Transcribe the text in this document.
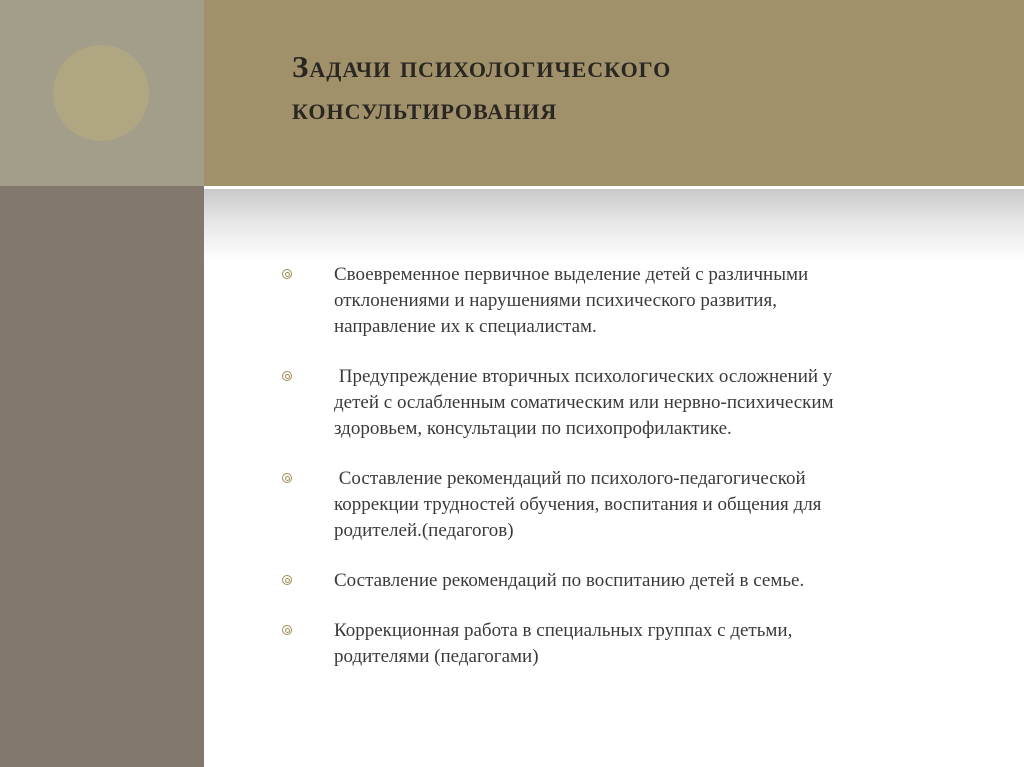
Задачи психологического
консультирования
Своевременное первичное выделение детей с различными
отклонениями и нарушениями психического развития,
направление их к специалистам.
Предупреждение вторичных психологических осложнений у
детей с ослабленным соматическим или нервно-психическим
здоровьем, консультации по психопрофилактике.
Составление рекомендаций по психолого-педагогической
коррекции трудностей обучения, воспитания и общения для
родителей.(педагогов)
Составление рекомендаций по воспитанию детей в семье.
Коррекционная работа в специальных группах с детьми,
родителями (педагогами)
